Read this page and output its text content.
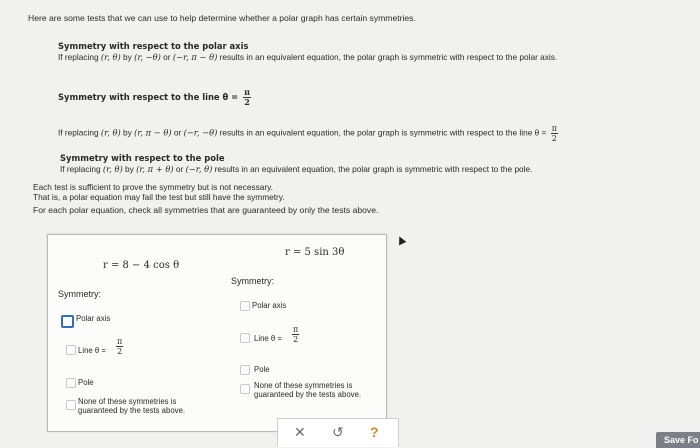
Here are some tests that we can use to help determine whether a polar graph has certain symmetries.
Symmetry with respect to the polar axis
If replacing (r, θ) by (r, −θ) or (−r, π − θ) results in an equivalent equation, the polar graph is symmetric with respect to the polar axis.
Symmetry with respect to the line $\theta = \frac{\pi}{2}$
If replacing (r, θ) by (r, π − θ) or (−r, −θ) results in an equivalent equation, the polar graph is symmetric with respect to the line $\theta = \frac{\pi}{2}$
Symmetry with respect to the pole
If replacing (r, θ) by (r, π + θ) or (−r, θ) results in an equivalent equation, the polar graph is symmetric with respect to the pole.
Each test is sufficient to prove the symmetry but is not necessary.
That is, a polar equation may fail the test but still have the symmetry.
For each polar equation, check all symmetries that are guaranteed by only the tests above.
r = 8 − 4 cos θ
Symmetry:
Polar axis
Line $\theta = \frac{\pi}{2}$
Pole
None of these symmetries is
guaranteed by the tests above.
r = 5 sin 3θ
Symmetry:
Polar axis
Line $\theta = \frac{\pi}{2}$
Pole
None of these symmetries is
guaranteed by the tests above.
✕ ↺ ?	Save Fo
